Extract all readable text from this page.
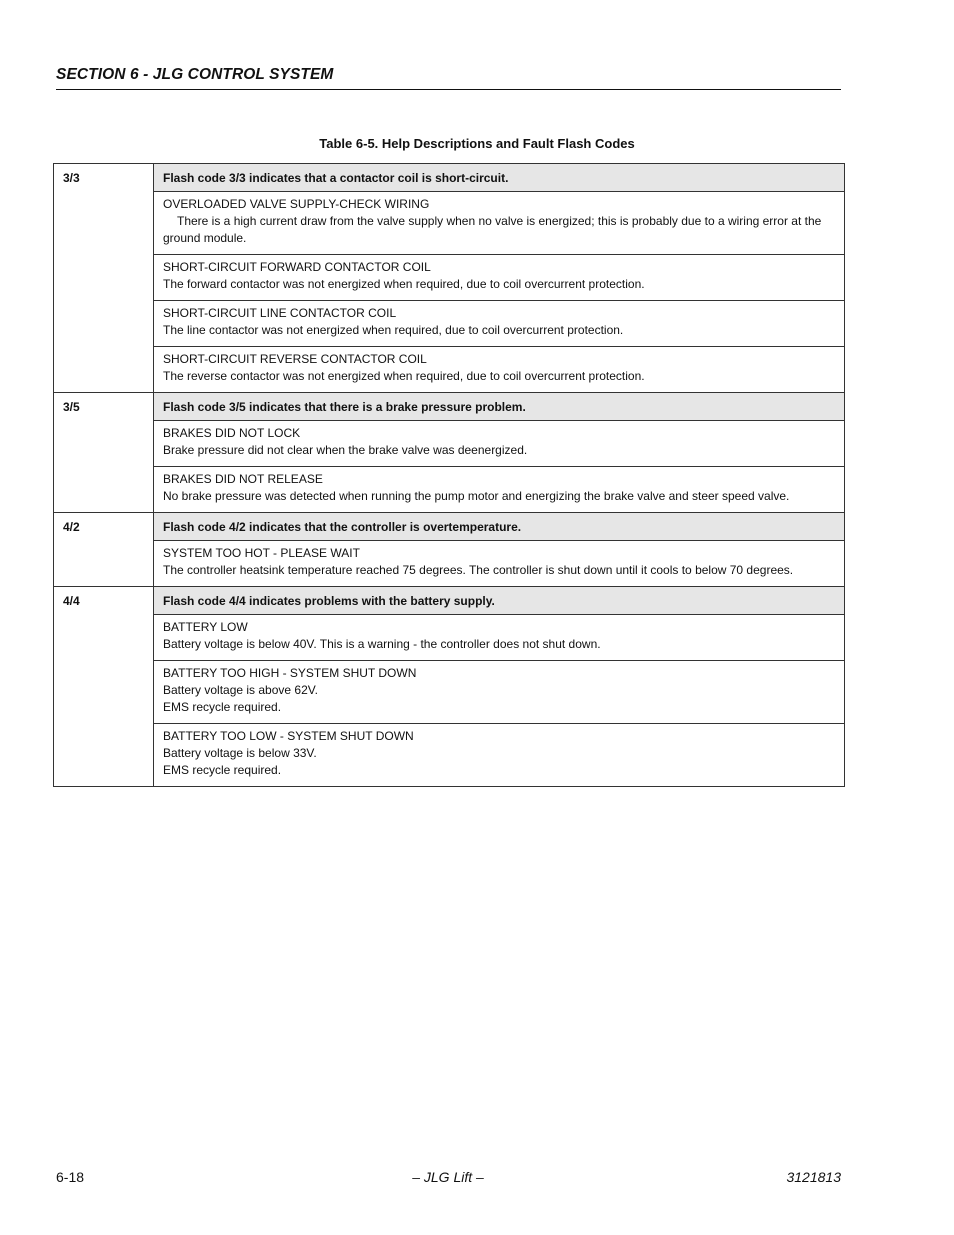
SECTION 6 - JLG CONTROL SYSTEM
Table 6-5. Help Descriptions and Fault Flash Codes
3/3	Flash code 3/3 indicates that a contactor coil is short-circuit.

	OVERLOADED VALVE SUPPLY-CHECK WIRING
There is a high current draw from the valve supply when no valve is energized; this is probably due to a wiring error at the ground module.

	SHORT-CIRCUIT FORWARD CONTACTOR COIL
The forward contactor was not energized when required, due to coil overcurrent protection.

	SHORT-CIRCUIT LINE CONTACTOR COIL
The line contactor was not energized when required, due to coil overcurrent protection.

	SHORT-CIRCUIT REVERSE CONTACTOR COIL
The reverse contactor was not energized when required, due to coil overcurrent protection.

3/5	Flash code 3/5 indicates that there is a brake pressure problem.

	BRAKES DID NOT LOCK
Brake pressure did not clear when the brake valve was deenergized.

	BRAKES DID NOT RELEASE
No brake pressure was detected when running the pump motor and energizing the brake valve and steer speed valve.

4/2	Flash code 4/2 indicates that the controller is overtemperature.

	SYSTEM TOO HOT - PLEASE WAIT
The controller heatsink temperature reached 75 degrees. The controller is shut down until it cools to below 70 degrees.

4/4	Flash code 4/4 indicates problems with the battery supply.

	BATTERY LOW
Battery voltage is below 40V. This is a warning - the controller does not shut down.

	BATTERY TOO HIGH - SYSTEM SHUT DOWN
Battery voltage is above 62V.
EMS recycle required.

	BATTERY TOO LOW - SYSTEM SHUT DOWN
Battery voltage is below 33V.
EMS recycle required.
6-18	– JLG Lift –	3121813
